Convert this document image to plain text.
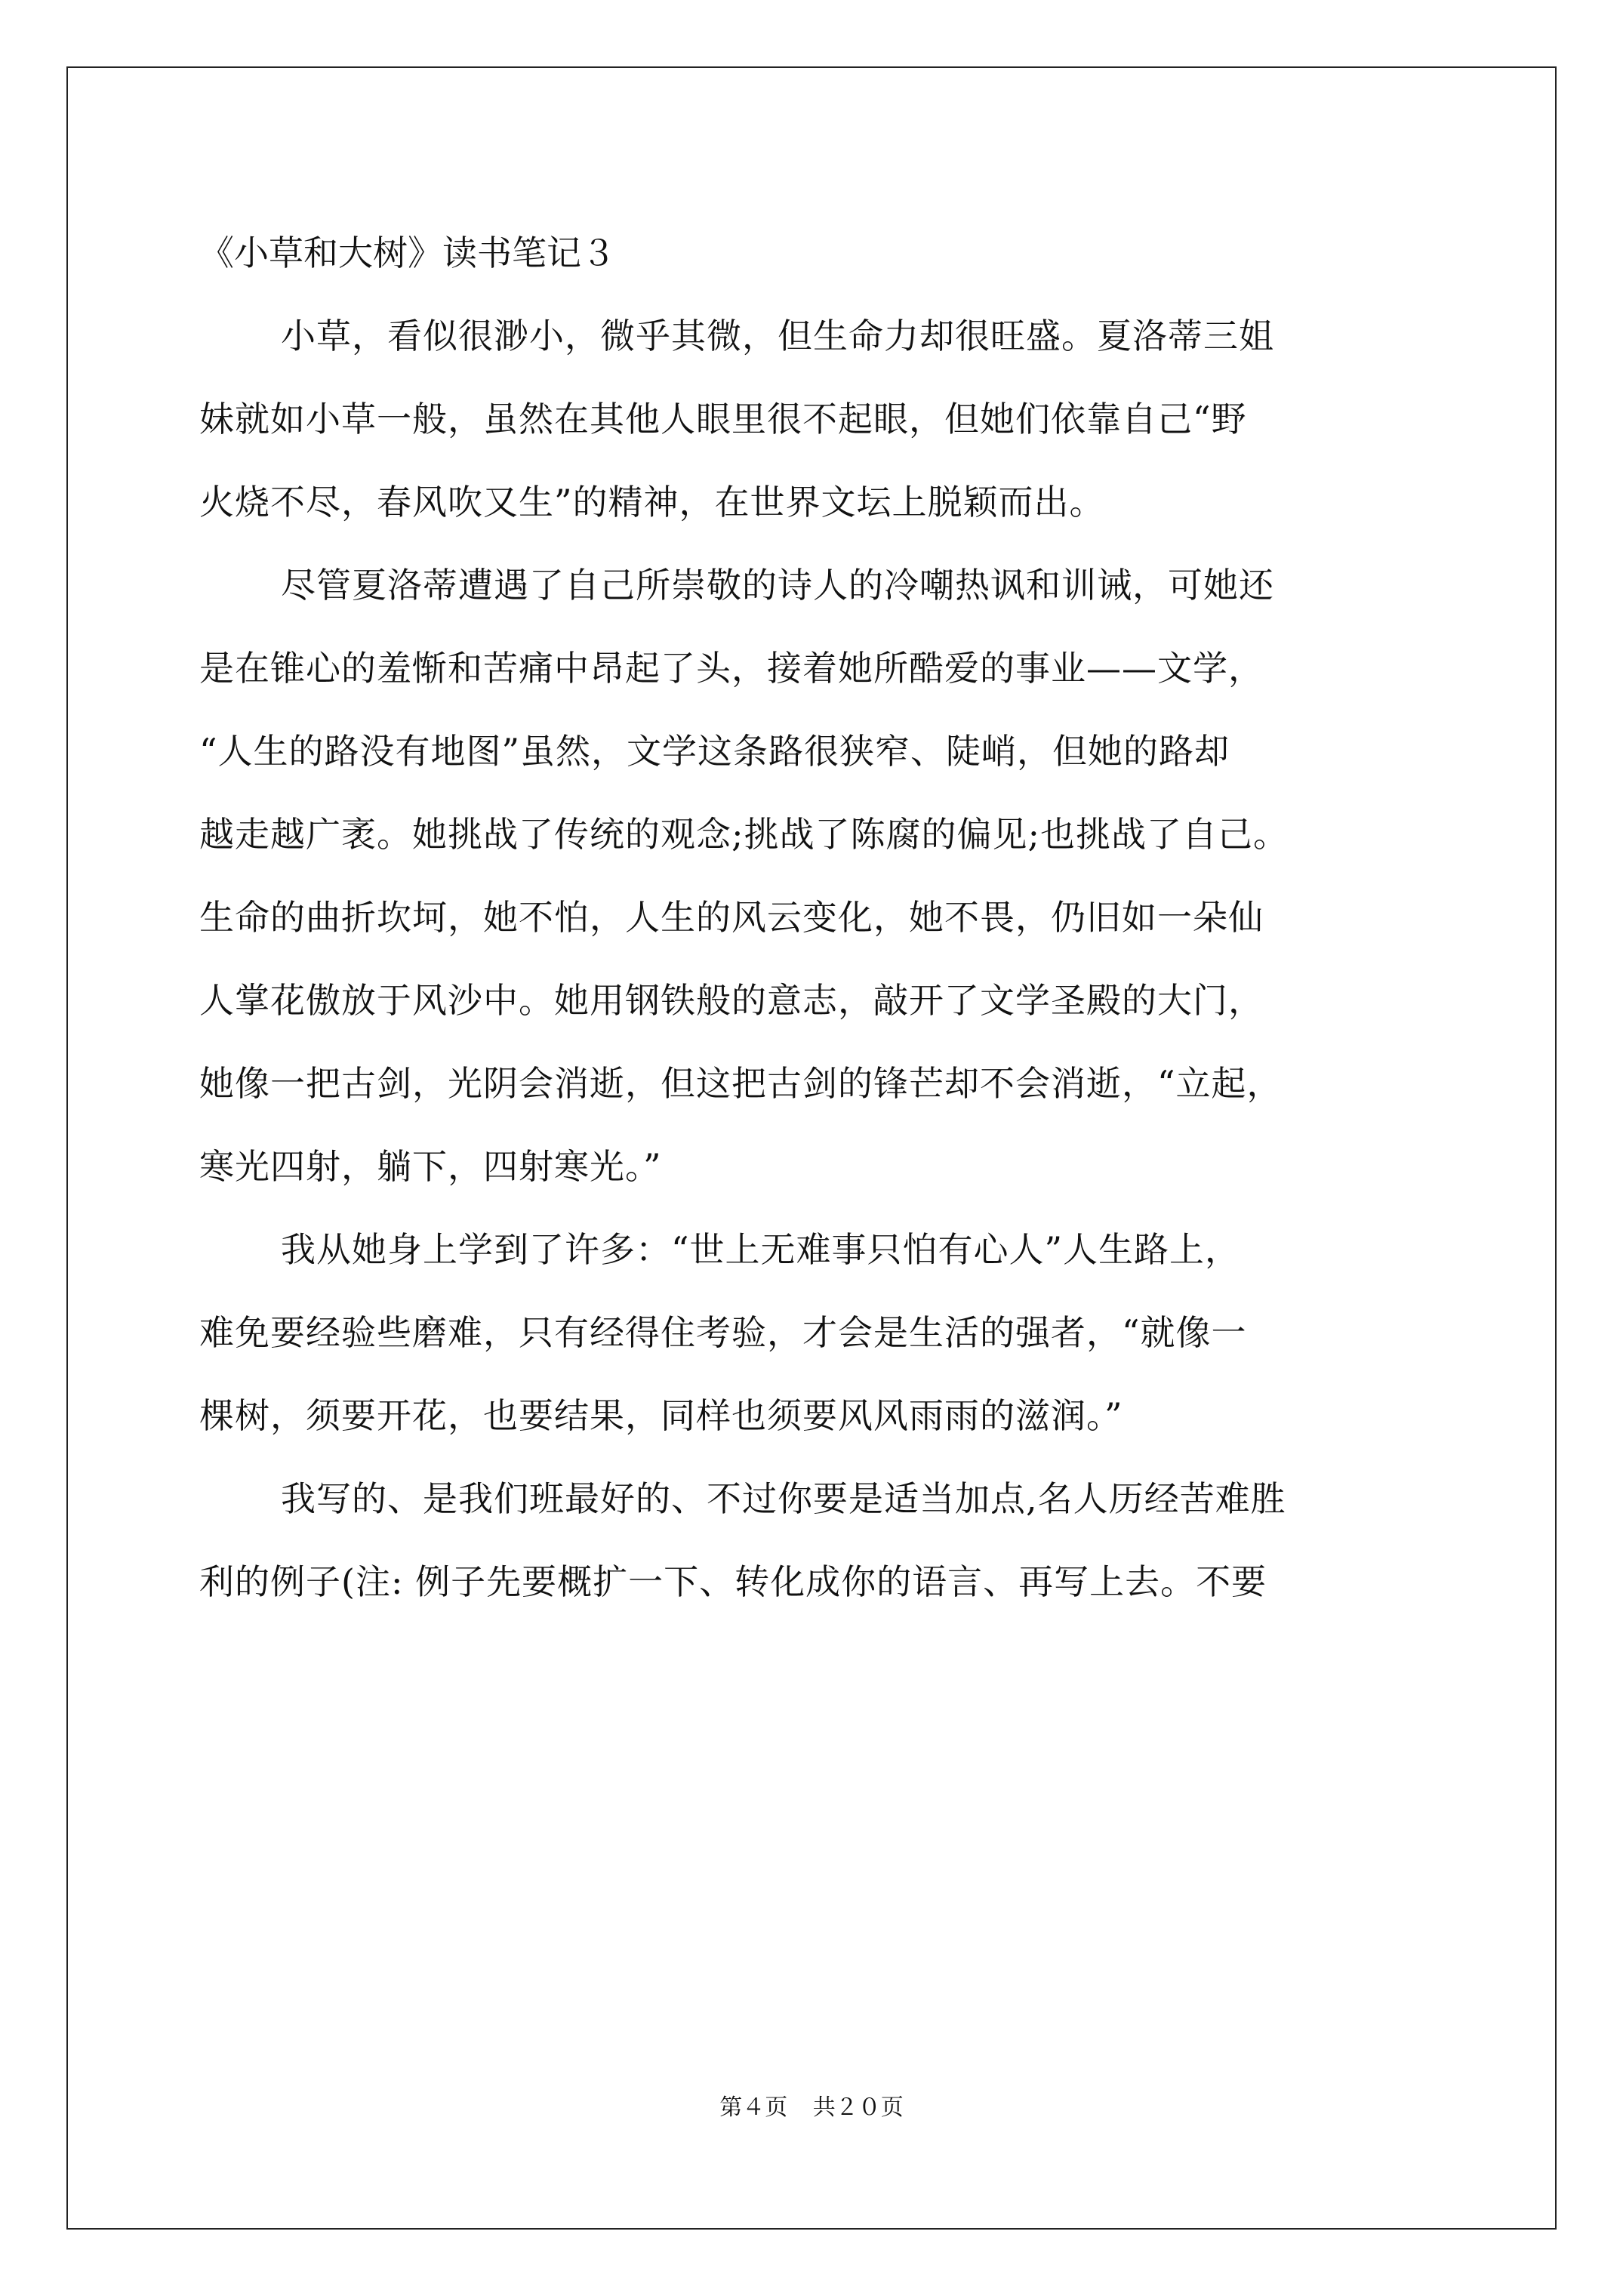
《小草和大树》读书笔记３

小草，看似很渺小，微乎其微，但生命力却很旺盛。夏洛蒂三姐

妹就如小草一般，虽然在其他人眼里很不起眼，但她们依靠自己“野

火烧不尽，春风吹又生”的精神，在世界文坛上脱颖而出。

尽管夏洛蒂遭遇了自己所崇敬的诗人的冷嘲热讽和训诫，可她还

是在锥心的羞惭和苦痛中昂起了头，接着她所酷爱的事业——文学，

“人生的路没有地图”虽然，文学这条路很狭窄、陡峭，但她的路却

越走越广袤。她挑战了传统的观念;挑战了陈腐的偏见;也挑战了自己。

生命的曲折坎坷，她不怕，人生的风云变化，她不畏，仍旧如一朵仙

人掌花傲放于风沙中。她用钢铁般的意志，敲开了文学圣殿的大门，

她像一把古剑，光阴会消逝，但这把古剑的锋芒却不会消逝，“立起，

寒光四射，躺下，四射寒光。”

我从她身上学到了许多：“世上无难事只怕有心人”人生路上，

难免要经验些磨难，只有经得住考验，才会是生活的强者，“就像一

棵树，须要开花，也要结果，同样也须要风风雨雨的滋润。”

我写的、是我们班最好的、不过你要是适当加点,名人历经苦难胜

利的例子(注: 例子先要概扩一下、转化成你的语言、再写上去。不要

第４页 共２０页
